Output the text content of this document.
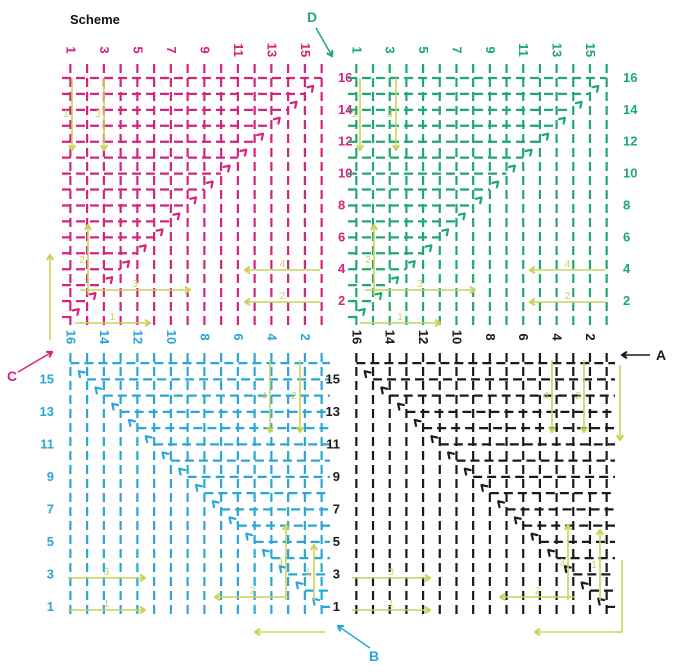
Scheme
1 3 5 7 9 11 13 15
16
14
12
10
8
6
4
2
1 3 5 7 9 11 13 15
16
14
12
10
8
6
4
2
16 14 12 10 8 6 4 2
15
13
11
9
7
5
3
1
16 14 12 10 8 6 4 2
15
13
11
9
7
5
3
1
1	3
2
3
1
4
2
1	3
2
3
1
4
2
4 2
3
1
3
1
2
4	2
3	1
3
1
2
A
B
C
D
